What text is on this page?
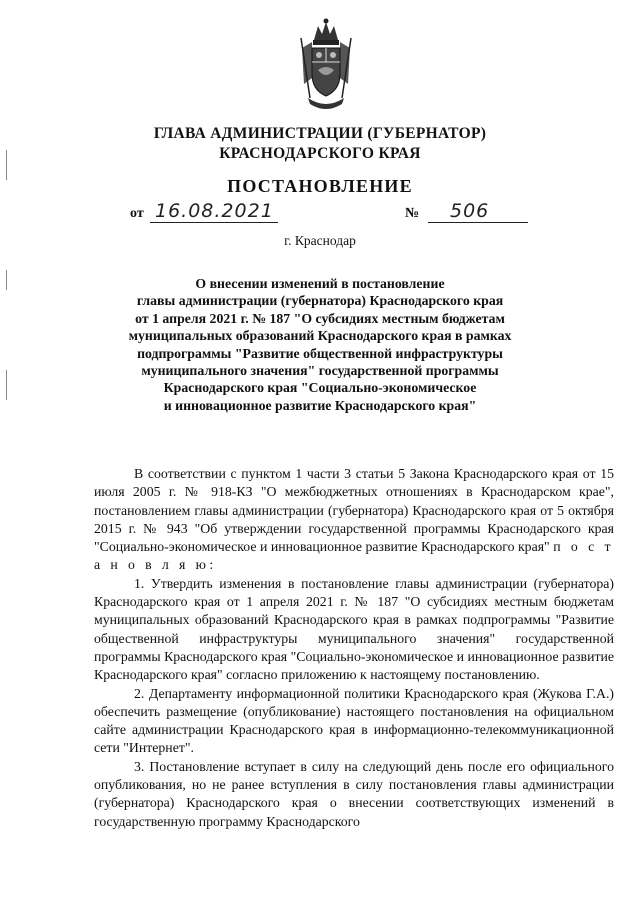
ГЛАВА АДМИНИСТРАЦИИ (ГУБЕРНАТОР)
КРАСНОДАРСКОГО КРАЯ
ПОСТАНОВЛЕНИЕ
от 16.08.2021	№ 506
г. Краснодар
О внесении изменений в постановление
главы администрации (губернатора) Краснодарского края
от 1 апреля 2021 г. № 187 "О субсидиях местным бюджетам
муниципальных образований Краснодарского края в рамках
подпрограммы "Развитие общественной инфраструктуры
муниципального значения" государственной программы
Краснодарского края "Социально-экономическое
и инновационное развитие Краснодарского края"

В соответствии с пунктом 1 части 3 статьи 5 Закона Краснодарского края от 15 июля 2005 г. № 918-КЗ "О межбюджетных отношениях в Краснодарском крае", постановлением главы администрации (губернатора) Краснодарского края от 5 октября 2015 г. № 943 "Об утверждении государственной программы Краснодарского края "Социально-экономическое и инновационное развитие Краснодарского края" п о с т а н о в л я ю:

1. Утвердить изменения в постановление главы администрации (губернатора) Краснодарского края от 1 апреля 2021 г. № 187 "О субсидиях местным бюджетам муниципальных образований Краснодарского края в рамках подпрограммы "Развитие общественной инфраструктуры муниципального значения" государственной программы Краснодарского края "Социально-экономическое и инновационное развитие Краснодарского края" согласно приложению к настоящему постановлению.

2. Департаменту информационной политики Краснодарского края (Жукова Г.А.) обеспечить размещение (опубликование) настоящего постановления на официальном сайте администрации Краснодарского края в информационно-телекоммуникационной сети "Интернет".

3. Постановление вступает в силу на следующий день после его официального опубликования, но не ранее вступления в силу постановления главы администрации (губернатора) Краснодарского края о внесении соответствующих изменений в государственную программу Краснодарского
